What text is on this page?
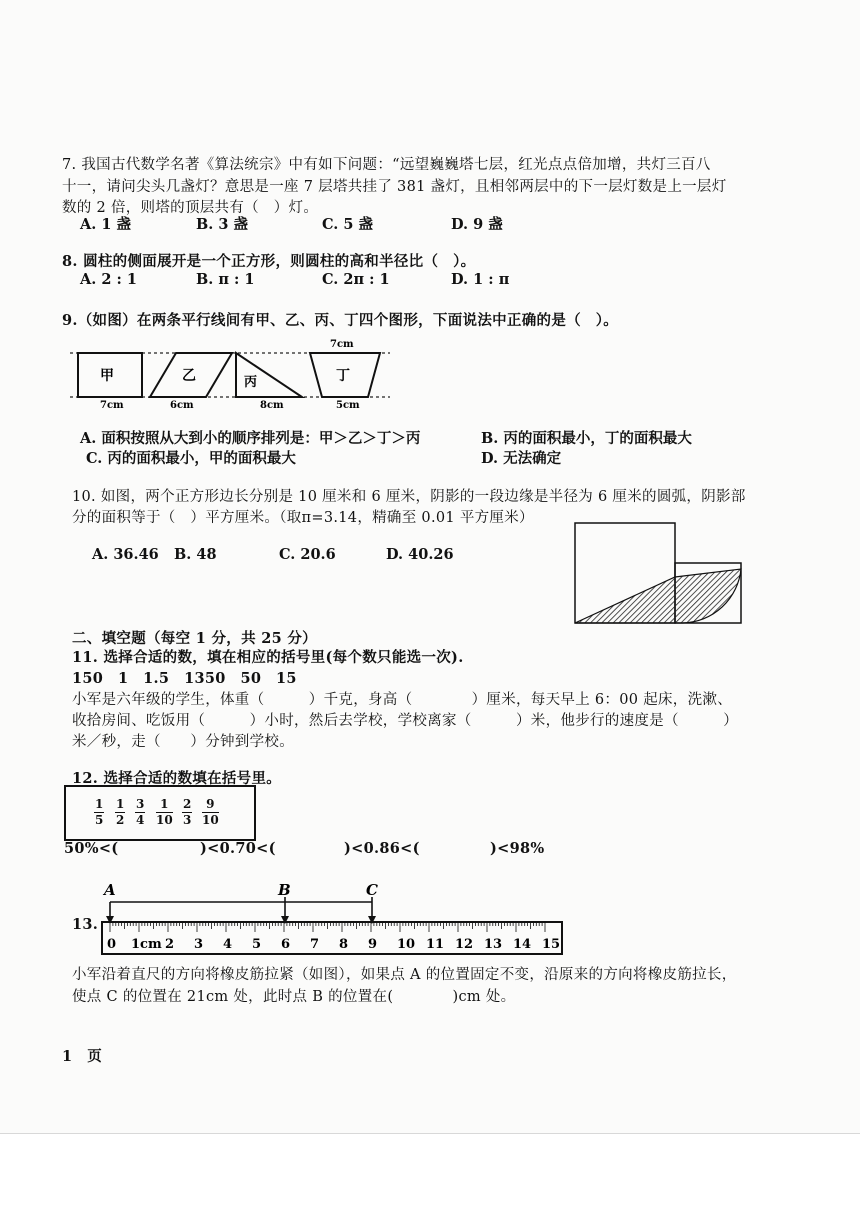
7. 我国古代数学名著《算法统宗》中有如下问题：“远望巍巍塔七层，红光点点倍加增，共灯三百八
十一，请问尖头几盏灯？意思是一座 7 层塔共挂了 381 盏灯，且相邻两层中的下一层灯数是上一层灯
数的 2 倍，则塔的顶层共有（　）灯。
A. 1 盏	B. 3 盏	C. 5 盏	D. 9 盏
8. 圆柱的侧面展开是一个正方形，则圆柱的高和半径比（　）。
A. 2 : 1	B. π : 1	C. 2π : 1	D. 1 : π
9.（如图）在两条平行线间有甲、乙、丙、丁四个图形，下面说法中正确的是（　）。
甲	乙	丙	丁
7cm
7cm	6cm	8cm	5cm
A. 面积按照从大到小的顺序排列是：甲＞乙＞丁＞丙	B. 丙的面积最小，丁的面积最大
C. 丙的面积最小，甲的面积最大	D. 无法确定
10. 如图，两个正方形边长分别是 10 厘米和 6 厘米，阴影的一段边缘是半径为 6 厘米的圆弧，阴影部
分的面积等于（　）平方厘米。（取π=3.14，精确至 0.01 平方厘米）
A. 36.46 B. 48	C. 20.6	D. 40.26
二、填空题（每空 1 分，共 25 分）
11. 选择合适的数，填在相应的括号里(每个数只能选一次).
150　1　1.5　1350　50　15
小军是六年级的学生，体重（　　　）千克，身高（　　　　）厘米，每天早上 6：00 起床，洗漱、
收拾房间、吃饭用（　　　）小时，然后去学校，学校离家（　　　）米，他步行的速度是（　　　）
米／秒，走（　　）分钟到学校。
12. 选择合适的数填在括号里。
$\frac{1}{5} \frac{1}{2} \frac{3}{4} \frac{1}{10} \frac{2}{3} \frac{9}{10}$
50%<(	)<0.70<(	)<0.86<(	)<98%
13.
A	B	C
0 1cm 2 3 4 5 6 7 8 9 10 11 12 13 14 15
小军沿着直尺的方向将橡皮筋拉紧（如图），如果点 A 的位置固定不变，沿原来的方向将橡皮筋拉长，
使点 C 的位置在 21cm 处，此时点 B 的位置在(　　　　)cm 处。
1　页
